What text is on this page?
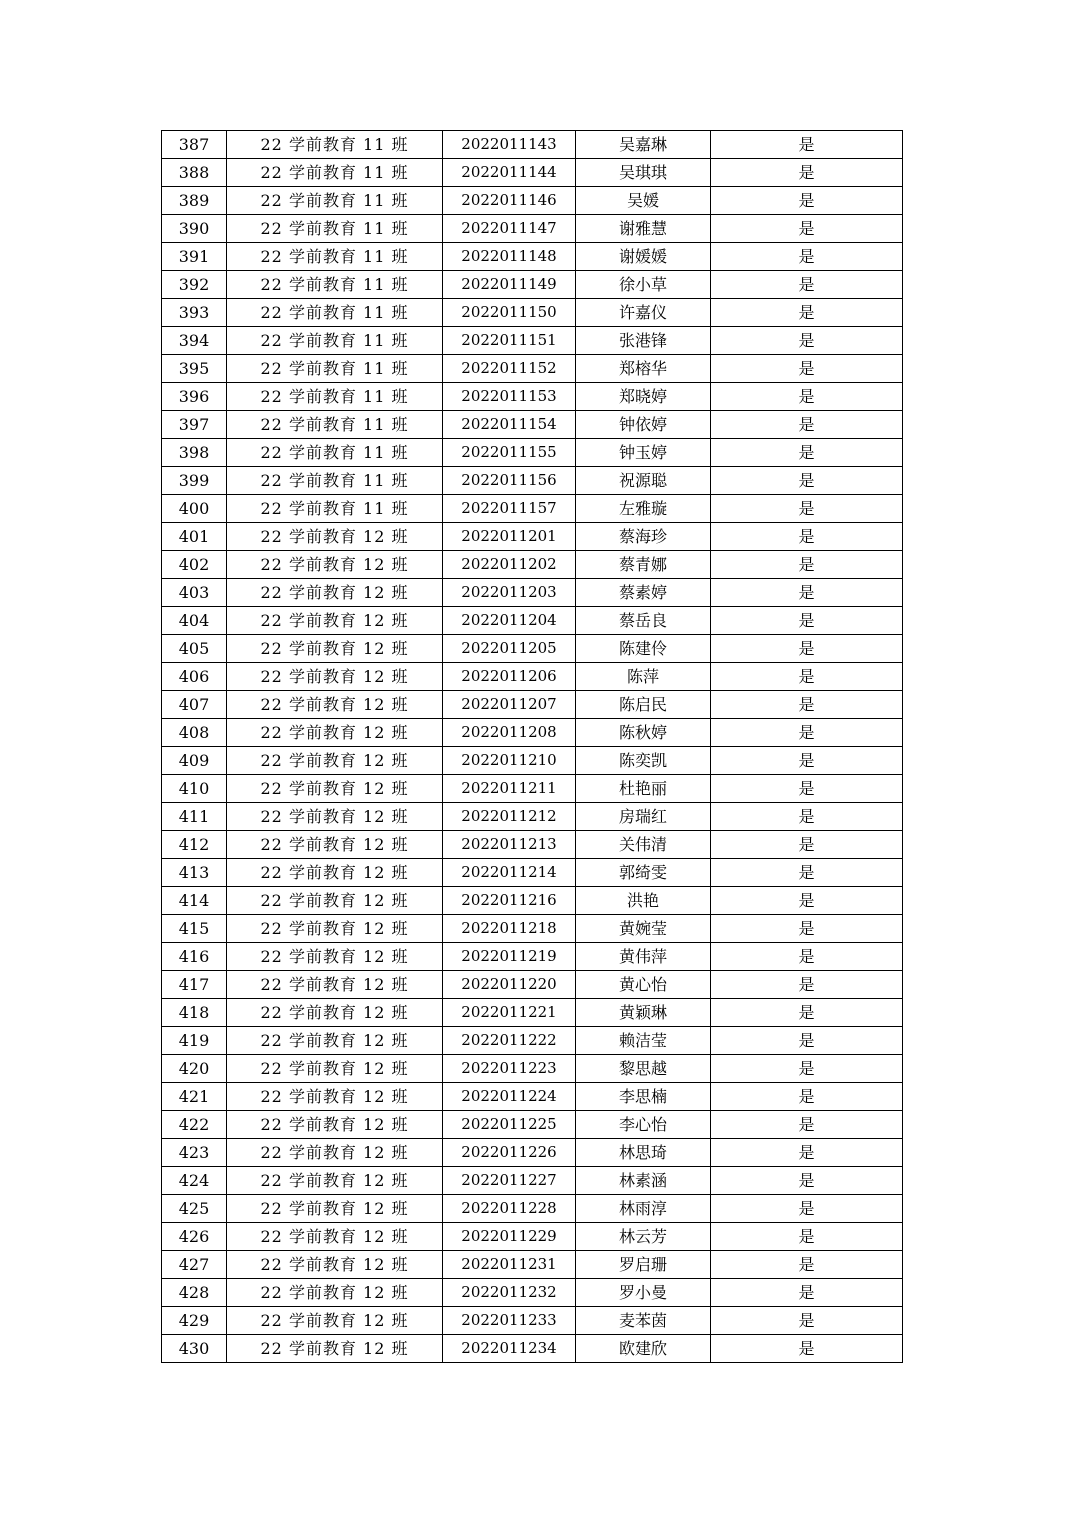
387	22 学前教育 11 班	2022011143	吴嘉琳	是
388	22 学前教育 11 班	2022011144	吴琪琪	是
389	22 学前教育 11 班	2022011146	吴媛	是
390	22 学前教育 11 班	2022011147	谢雅慧	是
391	22 学前教育 11 班	2022011148	谢媛媛	是
392	22 学前教育 11 班	2022011149	徐小草	是
393	22 学前教育 11 班	2022011150	许嘉仪	是
394	22 学前教育 11 班	2022011151	张港锋	是
395	22 学前教育 11 班	2022011152	郑榕华	是
396	22 学前教育 11 班	2022011153	郑晓婷	是
397	22 学前教育 11 班	2022011154	钟依婷	是
398	22 学前教育 11 班	2022011155	钟玉婷	是
399	22 学前教育 11 班	2022011156	祝源聪	是
400	22 学前教育 11 班	2022011157	左雅璇	是
401	22 学前教育 12 班	2022011201	蔡海珍	是
402	22 学前教育 12 班	2022011202	蔡青娜	是
403	22 学前教育 12 班	2022011203	蔡素婷	是
404	22 学前教育 12 班	2022011204	蔡岳良	是
405	22 学前教育 12 班	2022011205	陈建伶	是
406	22 学前教育 12 班	2022011206	陈萍	是
407	22 学前教育 12 班	2022011207	陈启民	是
408	22 学前教育 12 班	2022011208	陈秋婷	是
409	22 学前教育 12 班	2022011210	陈奕凯	是
410	22 学前教育 12 班	2022011211	杜艳丽	是
411	22 学前教育 12 班	2022011212	房瑞红	是
412	22 学前教育 12 班	2022011213	关伟清	是
413	22 学前教育 12 班	2022011214	郭绮雯	是
414	22 学前教育 12 班	2022011216	洪艳	是
415	22 学前教育 12 班	2022011218	黄婉莹	是
416	22 学前教育 12 班	2022011219	黄伟萍	是
417	22 学前教育 12 班	2022011220	黄心怡	是
418	22 学前教育 12 班	2022011221	黄颖琳	是
419	22 学前教育 12 班	2022011222	赖洁莹	是
420	22 学前教育 12 班	2022011223	黎思越	是
421	22 学前教育 12 班	2022011224	李思楠	是
422	22 学前教育 12 班	2022011225	李心怡	是
423	22 学前教育 12 班	2022011226	林思琦	是
424	22 学前教育 12 班	2022011227	林素涵	是
425	22 学前教育 12 班	2022011228	林雨淳	是
426	22 学前教育 12 班	2022011229	林云芳	是
427	22 学前教育 12 班	2022011231	罗启珊	是
428	22 学前教育 12 班	2022011232	罗小曼	是
429	22 学前教育 12 班	2022011233	麦苯茵	是
430	22 学前教育 12 班	2022011234	欧建欣	是
